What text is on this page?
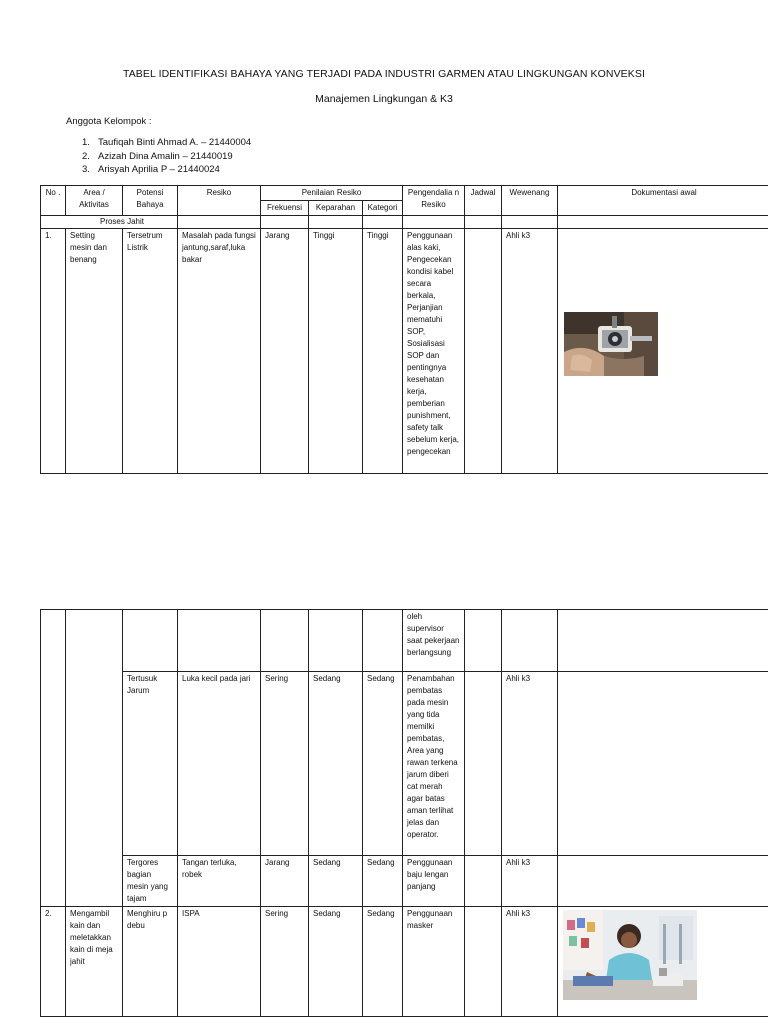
TABEL IDENTIFIKASI BAHAYA YANG TERJADI PADA INDUSTRI GARMEN ATAU LINGKUNGAN KONVEKSI
Manajemen Lingkungan & K3
Anggota Kelompok :
1. Taufiqah Binti Ahmad A. – 21440004
2. Azizah Dina Amalin – 21440019
3. Arisyah Aprilia P – 21440024
No .	Area / Aktivitas	Potensi Bahaya	Resiko	Penilaian Resiko			Pengendalia n Resiko	Jadwal	Wewenang	Dokumentasi awal
				Frekuensi	Keparahan	Kategori				
Proses Jahit										
1.	Setting mesin dan benang	Tersetrum Listrik	Masalah pada fungsi jantung,saraf,luka bakar	Jarang	Tinggi	Tinggi	Penggunaan alas kaki, Pengecekan kondisi kabel secara berkala, Perjanjian mematuhi SOP, Sosialisasi SOP dan pentingnya kesehatan kerja, pemberian punishment, safety talk sebelum kerja, pengecekan		Ahli k3	
							oleh supervisor saat pekerjaan berlangsung			
		Tertusuk Jarum	Luka kecil pada jari	Sering	Sedang	Sedang	Penambahan pembatas pada mesin yang tida memilki pembatas, Area yang rawan terkena jarum diberi cat merah agar batas aman terlihat jelas dan operator.		Ahli k3	
		Tergores bagian mesin yang tajam	Tangan terluka, robek	Jarang	Sedang	Sedang	Penggunaan baju lengan panjang		Ahli k3	
2.	Mengambil kain dan meletakkan kain di meja jahit	Menghiru p debu	ISPA	Sering	Sedang	Sedang	Penggunaan masker		Ahli k3	
